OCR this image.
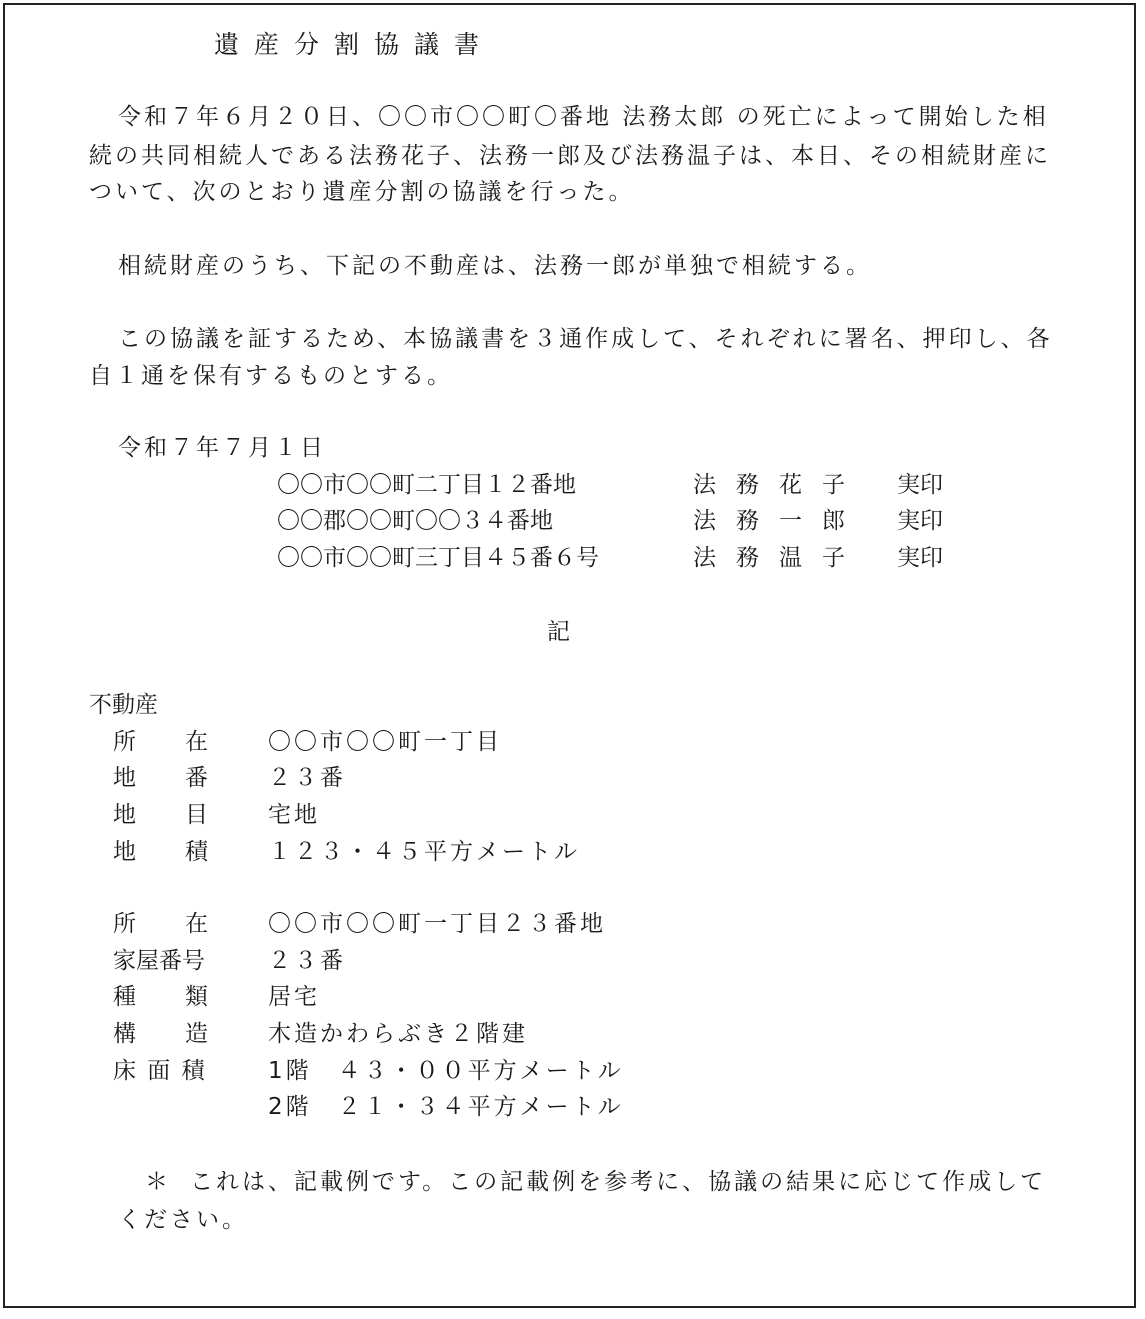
遺産分割協議書
令和７年６月２０日、〇〇市〇〇町〇番地 法務太郎 の死亡によって開始した相
続の共同相続人である法務花子、法務一郎及び法務温子は、本日、その相続財産に
ついて、次のとおり遺産分割の協議を行った。
相続財産のうち、下記の不動産は、法務一郎が単独で相続する。
この協議を証するため、本協議書を３通作成して、それぞれに署名、押印し、各
自１通を保有するものとする。
令和７年７月１日
〇〇市〇〇町二丁目１２番地	法務花子 実印
〇〇郡〇〇町〇〇３４番地	法務一郎 実印
〇〇市〇〇町三丁目４５番６号	法務温子 実印
記
不動産
所 在	〇〇市〇〇町一丁目
地 番	２３番
地 目	宅地
地 積	１２３・４５平方メートル
所 在	〇〇市〇〇町一丁目２３番地
家屋番号	２３番
種 類	居宅
構 造	木造かわらぶき２階建
床 面 積	1階　４３・００平方メートル
2階　２１・３４平方メートル
＊ これは、記載例です。この記載例を参考に、協議の結果に応じて作成して
ください。
